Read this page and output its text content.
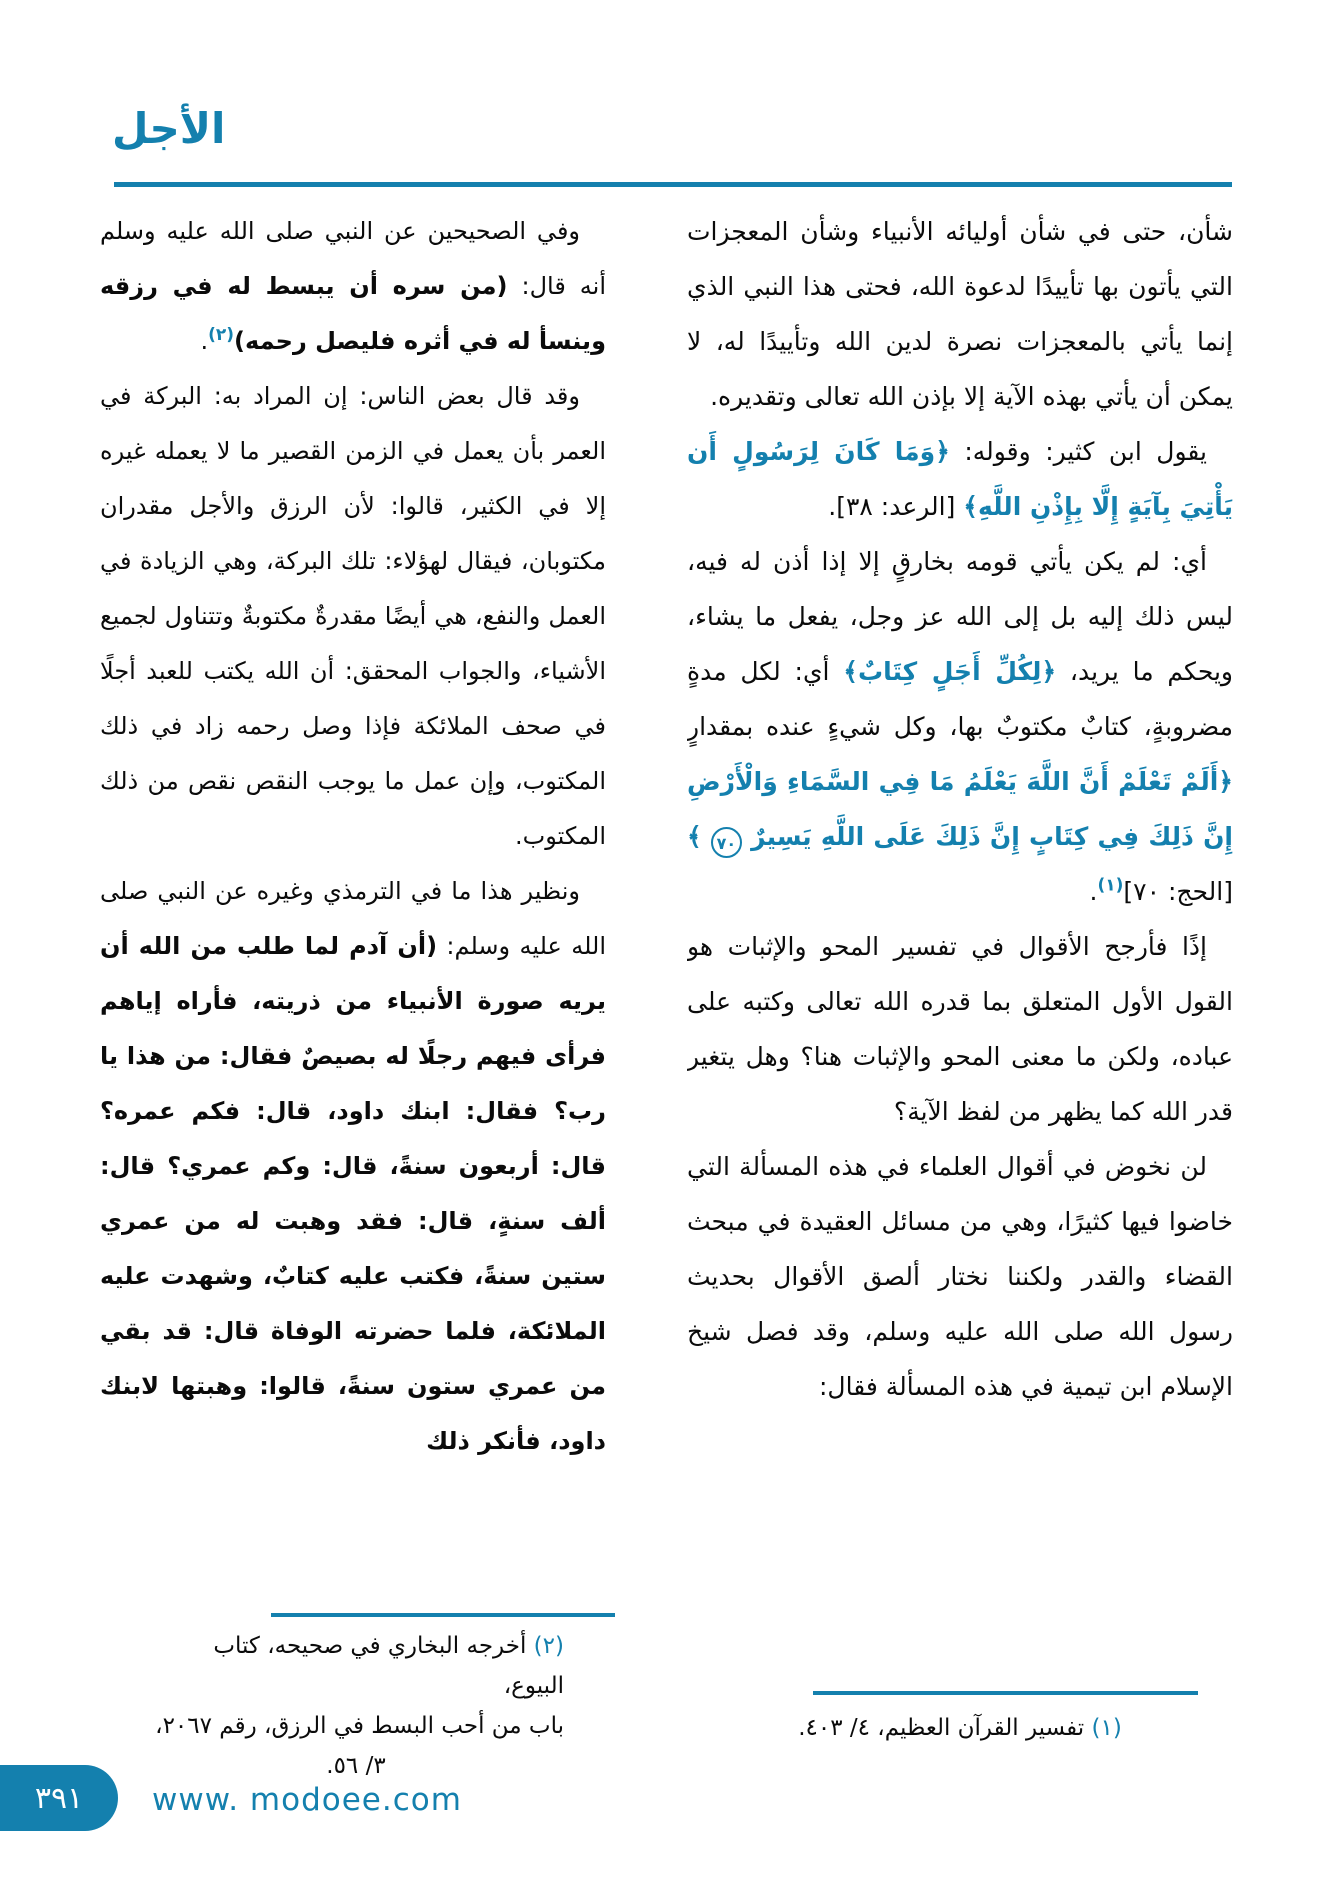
الأجل

شأن، حتى في شأن أوليائه الأنبياء وشأن المعجزات التي يأتون بها تأييدًا لدعوة الله، فحتى هذا النبي الذي إنما يأتي بالمعجزات نصرة لدين الله وتأييدًا له، لا يمكن أن يأتي بهذه الآية إلا بإذن الله تعالى وتقديره.

يقول ابن كثير: وقوله: ﴿وَمَا كَانَ لِرَسُولٍ أَن يَأْتِيَ بِآيَةٍ إِلَّا بِإِذْنِ اللَّهِ﴾ [الرعد: ٣٨].

أي: لم يكن يأتي قومه بخارقٍ إلا إذا أذن له فيه، ليس ذلك إليه بل إلى الله عز وجل، يفعل ما يشاء، ويحكم ما يريد، ﴿لِكُلِّ أَجَلٍ كِتَابٌ﴾ أي: لكل مدةٍ مضروبةٍ، كتابٌ مكتوبٌ بها، وكل شيءٍ عنده بمقدارٍ ﴿أَلَمْ تَعْلَمْ أَنَّ اللَّهَ يَعْلَمُ مَا فِي السَّمَاءِ وَالْأَرْضِ إِنَّ ذَلِكَ فِي كِتَابٍ إِنَّ ذَلِكَ عَلَى اللَّهِ يَسِيرٌ ٧٠ ﴾ [الحج: ٧٠]$^{(١)}$.

إذًا فأرجح الأقوال في تفسير المحو والإثبات هو القول الأول المتعلق بما قدره الله تعالى وكتبه على عباده، ولكن ما معنى المحو والإثبات هنا؟ وهل يتغير قدر الله كما يظهر من لفظ الآية؟

لن نخوض في أقوال العلماء في هذه المسألة التي خاضوا فيها كثيرًا، وهي من مسائل العقيدة في مبحث القضاء والقدر ولكننا نختار ألصق الأقوال بحديث رسول الله صلى الله عليه وسلم، وقد فصل شيخ الإسلام ابن تيمية في هذه المسألة فقال:

وفي الصحيحين عن النبي صلى الله عليه وسلم أنه قال: (من سره أن يبسط له في رزقه وينسأ له في أثره فليصل رحمه)$^{(٢)}$.

وقد قال بعض الناس: إن المراد به: البركة في العمر بأن يعمل في الزمن القصير ما لا يعمله غيره إلا في الكثير، قالوا: لأن الرزق والأجل مقدران مكتوبان، فيقال لهؤلاء: تلك البركة، وهي الزيادة في العمل والنفع، هي أيضًا مقدرةٌ مكتوبةٌ وتتناول لجميع الأشياء، والجواب المحقق: أن الله يكتب للعبد أجلًا في صحف الملائكة فإذا وصل رحمه زاد في ذلك المكتوب، وإن عمل ما يوجب النقص نقص من ذلك المكتوب.

ونظير هذا ما في الترمذي وغيره عن النبي صلى الله عليه وسلم: (أن آدم لما طلب من الله أن يريه صورة الأنبياء من ذريته، فأراه إياهم فرأى فيهم رجلًا له بصيصٌ فقال: من هذا يا رب؟ فقال: ابنك داود، قال: فكم عمره؟ قال: أربعون سنةً، قال: وكم عمري؟ قال: ألف سنةٍ، قال: فقد وهبت له من عمري ستين سنةً، فكتب عليه كتابٌ، وشهدت عليه الملائكة، فلما حضرته الوفاة قال: قد بقي من عمري ستون سنةً، قالوا: وهبتها لابنك داود، فأنكر ذلك

(١) تفسير القرآن العظيم، ٤/ ٤٠٣.
(٢) أخرجه البخاري في صحيحه، كتاب البيوع،
باب من أحب البسط في الرزق، رقم ٢٠٦٧،
٣/ ٥٦.
٣٩١ www. modoee.com
